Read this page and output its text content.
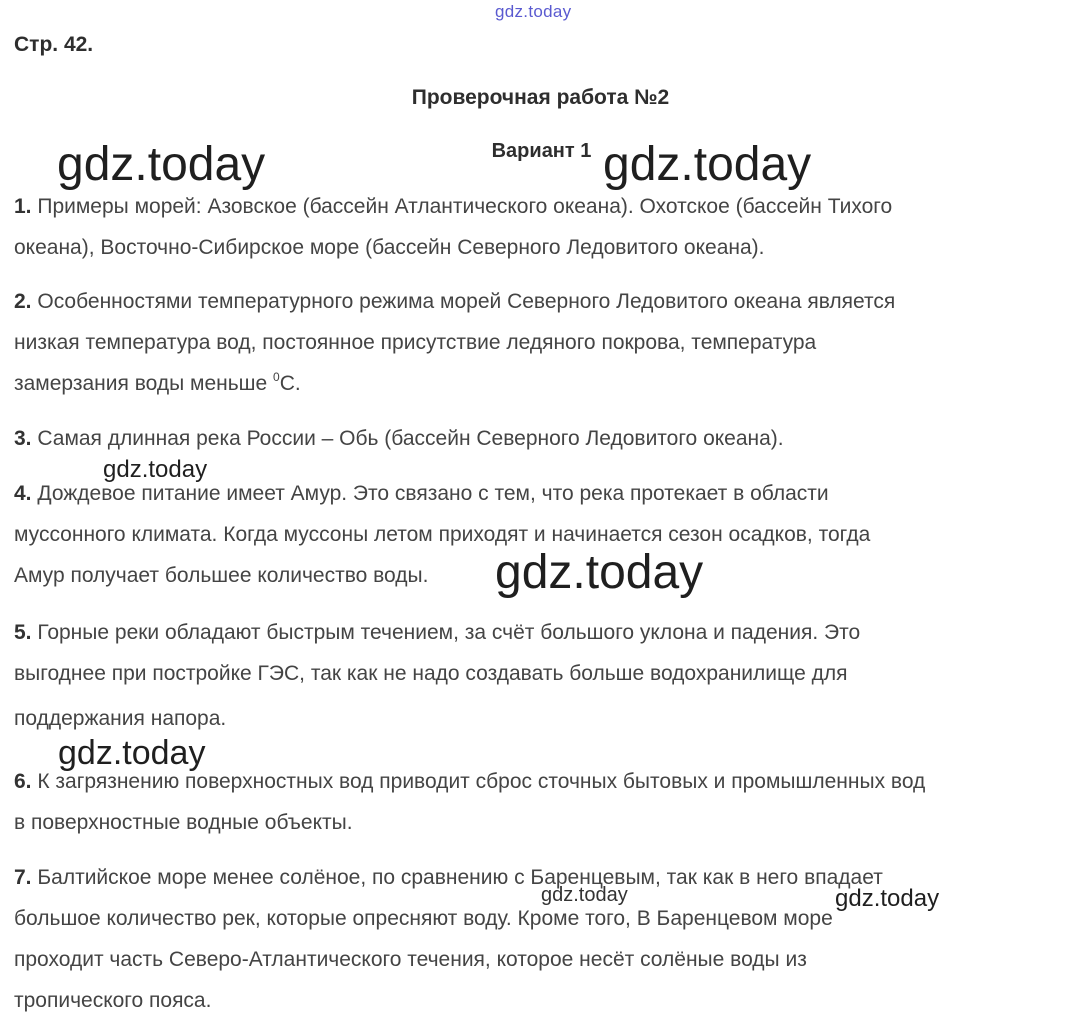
gdz.today
gdz.today	gdz.today
gdz.today
gdz.today
gdz.today
gdz.today	gdz.today
Стр. 42.
Проверочная работа №2
Вариант 1
1. Примеры морей: Азовское (бассейн Атлантического океана). Охотское (бассейн Тихого
океана), Восточно-Сибирское море (бассейн Северного Ледовитого океана).
2. Особенностями температурного режима морей Северного Ледовитого океана является
низкая температура вод, постоянное присутствие ледяного покрова, температура
замерзания воды меньше $^0$С.
3. Самая длинная река России – Обь (бассейн Северного Ледовитого океана).
4. Дождевое питание имеет Амур. Это связано с тем, что река протекает в области
муссонного климата. Когда муссоны летом приходят и начинается сезон осадков, тогда
Амур получает большее количество воды.
5. Горные реки обладают быстрым течением, за счёт большого уклона и падения. Это
выгоднее при постройке ГЭС, так как не надо создавать больше водохранилище для
поддержания напора.
6. К загрязнению поверхностных вод приводит сброс сточных бытовых и промышленных вод
в поверхностные водные объекты.
7. Балтийское море менее солёное, по сравнению с Баренцевым, так как в него впадает
большое количество рек, которые опресняют воду. Кроме того, В Баренцевом море
проходит часть Северо-Атлантического течения, которое несёт солёные воды из
тропического пояса.
